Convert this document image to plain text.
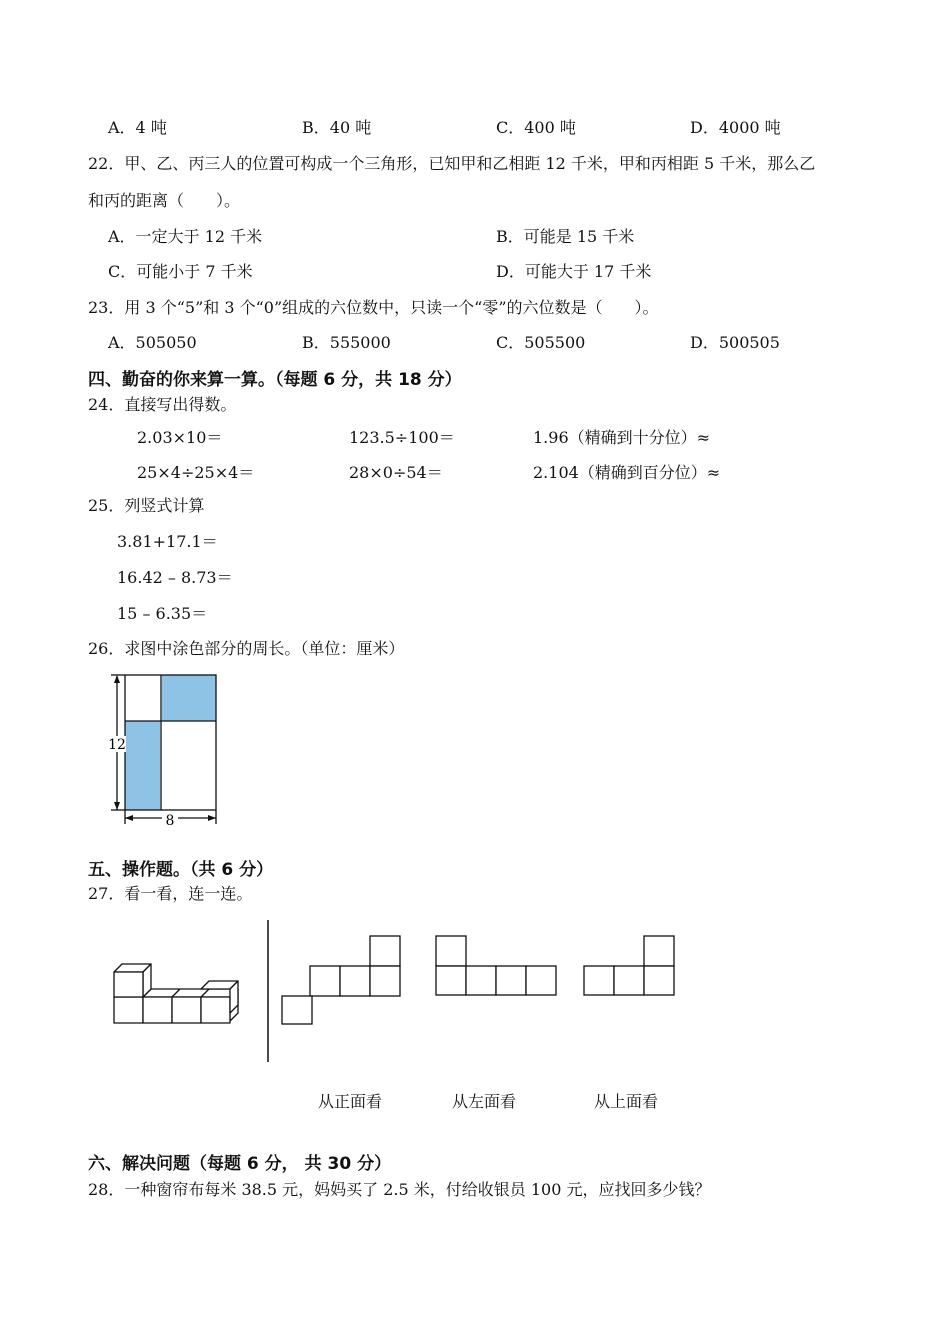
A．4 吨	B．40 吨	C．400 吨	D．4000 吨
22．甲、乙、丙三人的位置可构成一个三角形，已知甲和乙相距 12 千米，甲和丙相距 5 千米，那么乙
和丙的距离（　　）。
A．一定大于 12 千米	B．可能是 15 千米
C．可能小于 7 千米	D．可能大于 17 千米
23．用 3 个“5”和 3 个“0”组成的六位数中，只读一个“零”的六位数是（　　）。
A．505050	B．555000	C．505500	D．500505
四、勤奋的你来算一算。（每题 6 分，共 18 分）
24．直接写出得数。
2.03×10＝	123.5÷100＝	1.96（精确到十分位）≈
25×4÷25×4＝	28×0÷54＝	2.104（精确到百分位）≈
25．列竖式计算
3.81+17.1＝
16.42 – 8.73＝
15 – 6.35＝
26．求图中涂色部分的周长。（单位：厘米）
12
8
五、操作题。（共 6 分）
27．看一看，连一连。
从正面看	从左面看	从上面看
六、解决问题（每题 6 分， 共 30 分）
28．一种窗帘布每米 38.5 元，妈妈买了 2.5 米，付给收银员 100 元，应找回多少钱？
